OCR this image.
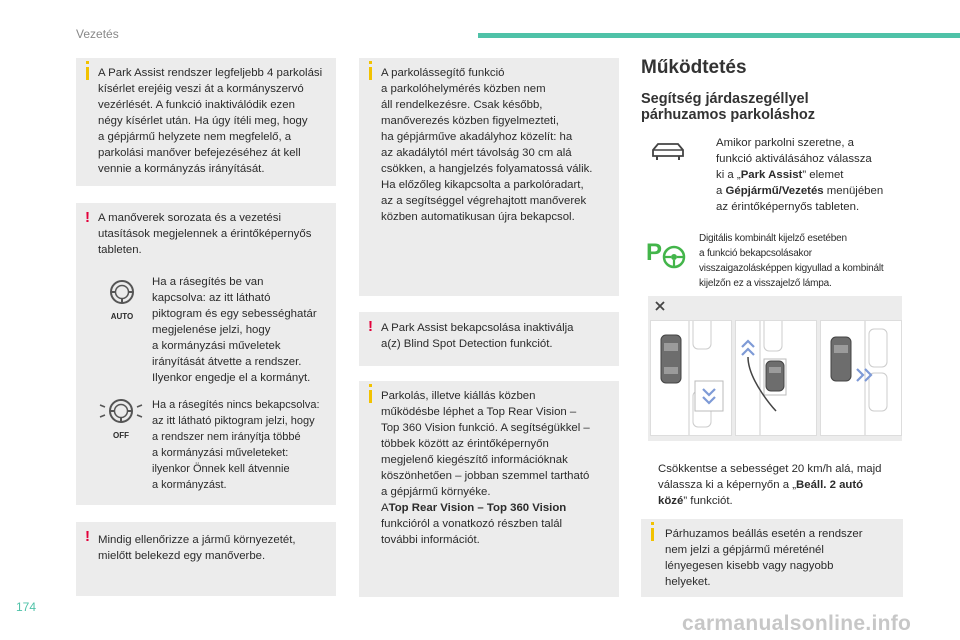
Vezetés

A Park Assist rendszer legfeljebb 4 parkolási

kísérlet erejéig veszi át a kormányszervó

vezérlését. A funkció inaktiválódik ezen

négy kísérlet után. Ha úgy ítéli meg, hogy

a gépjármű helyzete nem megfelelő, a

parkolási manőver befejezéséhez át kell

vennie a kormányzás irányítását.

! A manőverek sorozata és a vezetési

utasítások megjelennek a érintőképernyős

tableten.

AUTO

Ha a rásegítés be van

kapcsolva: az itt látható

piktogram és egy sebességhatár

megjelenése jelzi, hogy

a kormányzási műveletek

irányítását átvette a rendszer.

Ilyenkor engedje el a kormányt.

OFF

Ha a rásegítés nincs bekapcsolva:

az itt látható piktogram jelzi, hogy

a rendszer nem irányítja többé

a kormányzási műveleteket:

ilyenkor Önnek kell átvennie

a kormányzást.

! Mindig ellenőrizze a jármű környezetét,

mielőtt belekezd egy manőverbe.

A parkolássegítő funkció

a parkolóhelymérés közben nem

áll rendelkezésre. Csak később,

manőverezés közben figyelmezteti,

ha gépjárműve akadályhoz közelít: ha

az akadálytól mért távolság 30 cm alá

csökken, a hangjelzés folyamatossá válik.

Ha előzőleg kikapcsolta a parkolóradart,

az a segítséggel végrehajtott manőverek

közben automatikusan újra bekapcsol.

! A Park Assist bekapcsolása inaktiválja

a(z) Blind Spot Detection funkciót.

Parkolás, illetve kiállás közben

működésbe léphet a Top Rear Vision –

Top 360 Vision funkció. A segítségükkel –

többek között az érintőképernyőn

megjelenő kiegészítő információknak

köszönhetően – jobban szemmel tartható

a gépjármű környéke.

ATop Rear Vision – Top 360 Vision

funkcióról a vonatkozó részben talál

további információt.

Működtetés
Segítség járdaszegéllyel
párhuzamos parkoláshoz

Amikor parkolni szeretne, a

funkció aktiválásához válassza

ki a „Park Assist” elemet

a Gépjármű/Vezetés menüjében

az érintőképernyős tableten.

P
Digitális kombinált kijelző esetében
a funkció bekapcsolásakor
visszaigazolásképpen kigyullad a kombinált
kijelzőn ez a visszajelző lámpa.

Csökkentse a sebességet 20 km/h alá, majd

válassza ki a képernyőn a „Beáll. 2 autó

közé” funkciót.

Párhuzamos beállás esetén a rendszer

nem jelzi a gépjármű méreténél

lényegesen kisebb vagy nagyobb

helyeket.

174
carmanualsonline.info
